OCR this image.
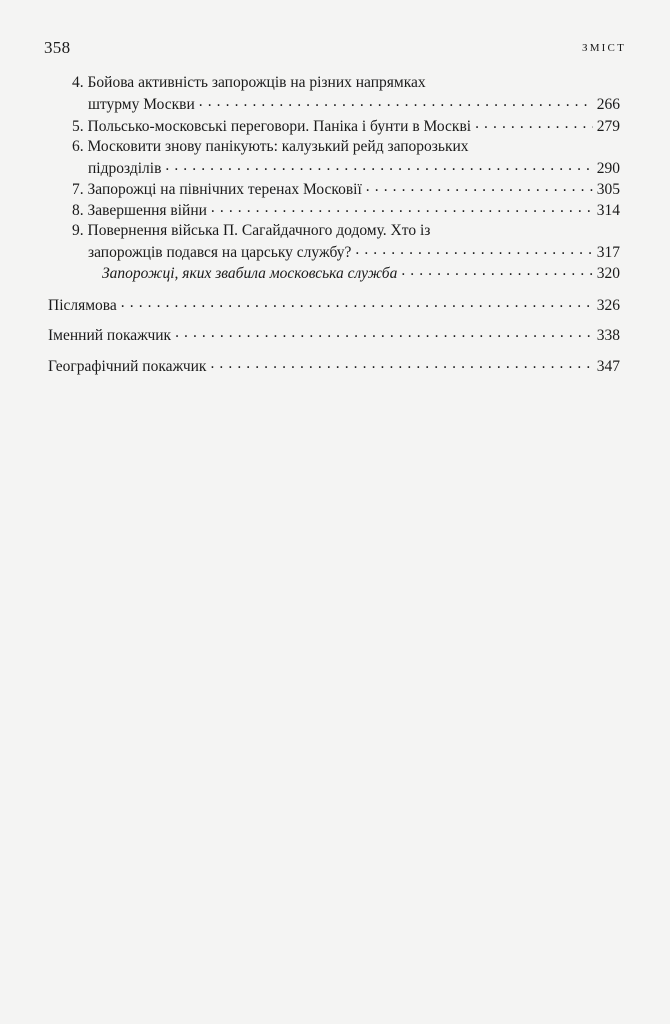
358	ЗМІСТ
4. Бойова активність запорожців на різних напрямках
штурму Москви . . .	266
5. Польсько-московські переговори. Паніка і бунти в Москві . . .	279
6. Московити знову панікують: калузький рейд запорозьких
підрозділів . . .	290
7. Запорожці на північних теренах Московії . . .	305
8. Завершення війни . . .	314
9. Повернення війська П. Сагайдачного додому. Хто із
запорожців подався на царську службу? . . .	317
Запорожці, яких звабила московська служба . . .	320
Післямова . . .	326
Іменний покажчик . . .	338
Географічний покажчик . . .	347
